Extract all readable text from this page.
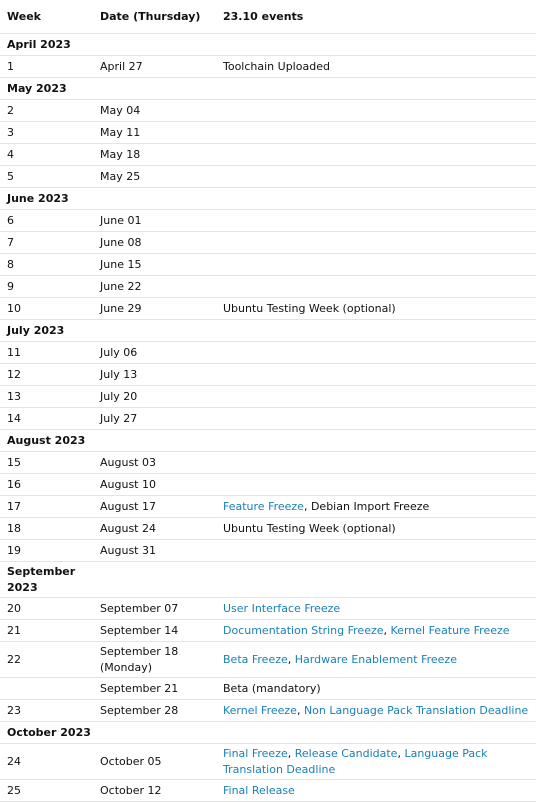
Week	Date (Thursday)	23.10 events
April 2023		
1	April 27	Toolchain Uploaded
May 2023		
2	May 04	
3	May 11	
4	May 18	
5	May 25	
June 2023		
6	June 01	
7	June 08	
8	June 15	
9	June 22	
10	June 29	Ubuntu Testing Week (optional)
July 2023		
11	July 06	
12	July 13	
13	July 20	
14	July 27	
August 2023		
15	August 03	
16	August 10	
17	August 17	Feature Freeze, Debian Import Freeze
18	August 24	Ubuntu Testing Week (optional)
19	August 31	
September 2023		
20	September 07	User Interface Freeze
21	September 14	Documentation String Freeze, Kernel Feature Freeze
22	September 18 (Monday)	Beta Freeze, Hardware Enablement Freeze
	September 21	Beta (mandatory)
23	September 28	Kernel Freeze, Non Language Pack Translation Deadline
October 2023		
24	October 05	Final Freeze, Release Candidate, Language Pack Translation Deadline
25	October 12	Final Release
